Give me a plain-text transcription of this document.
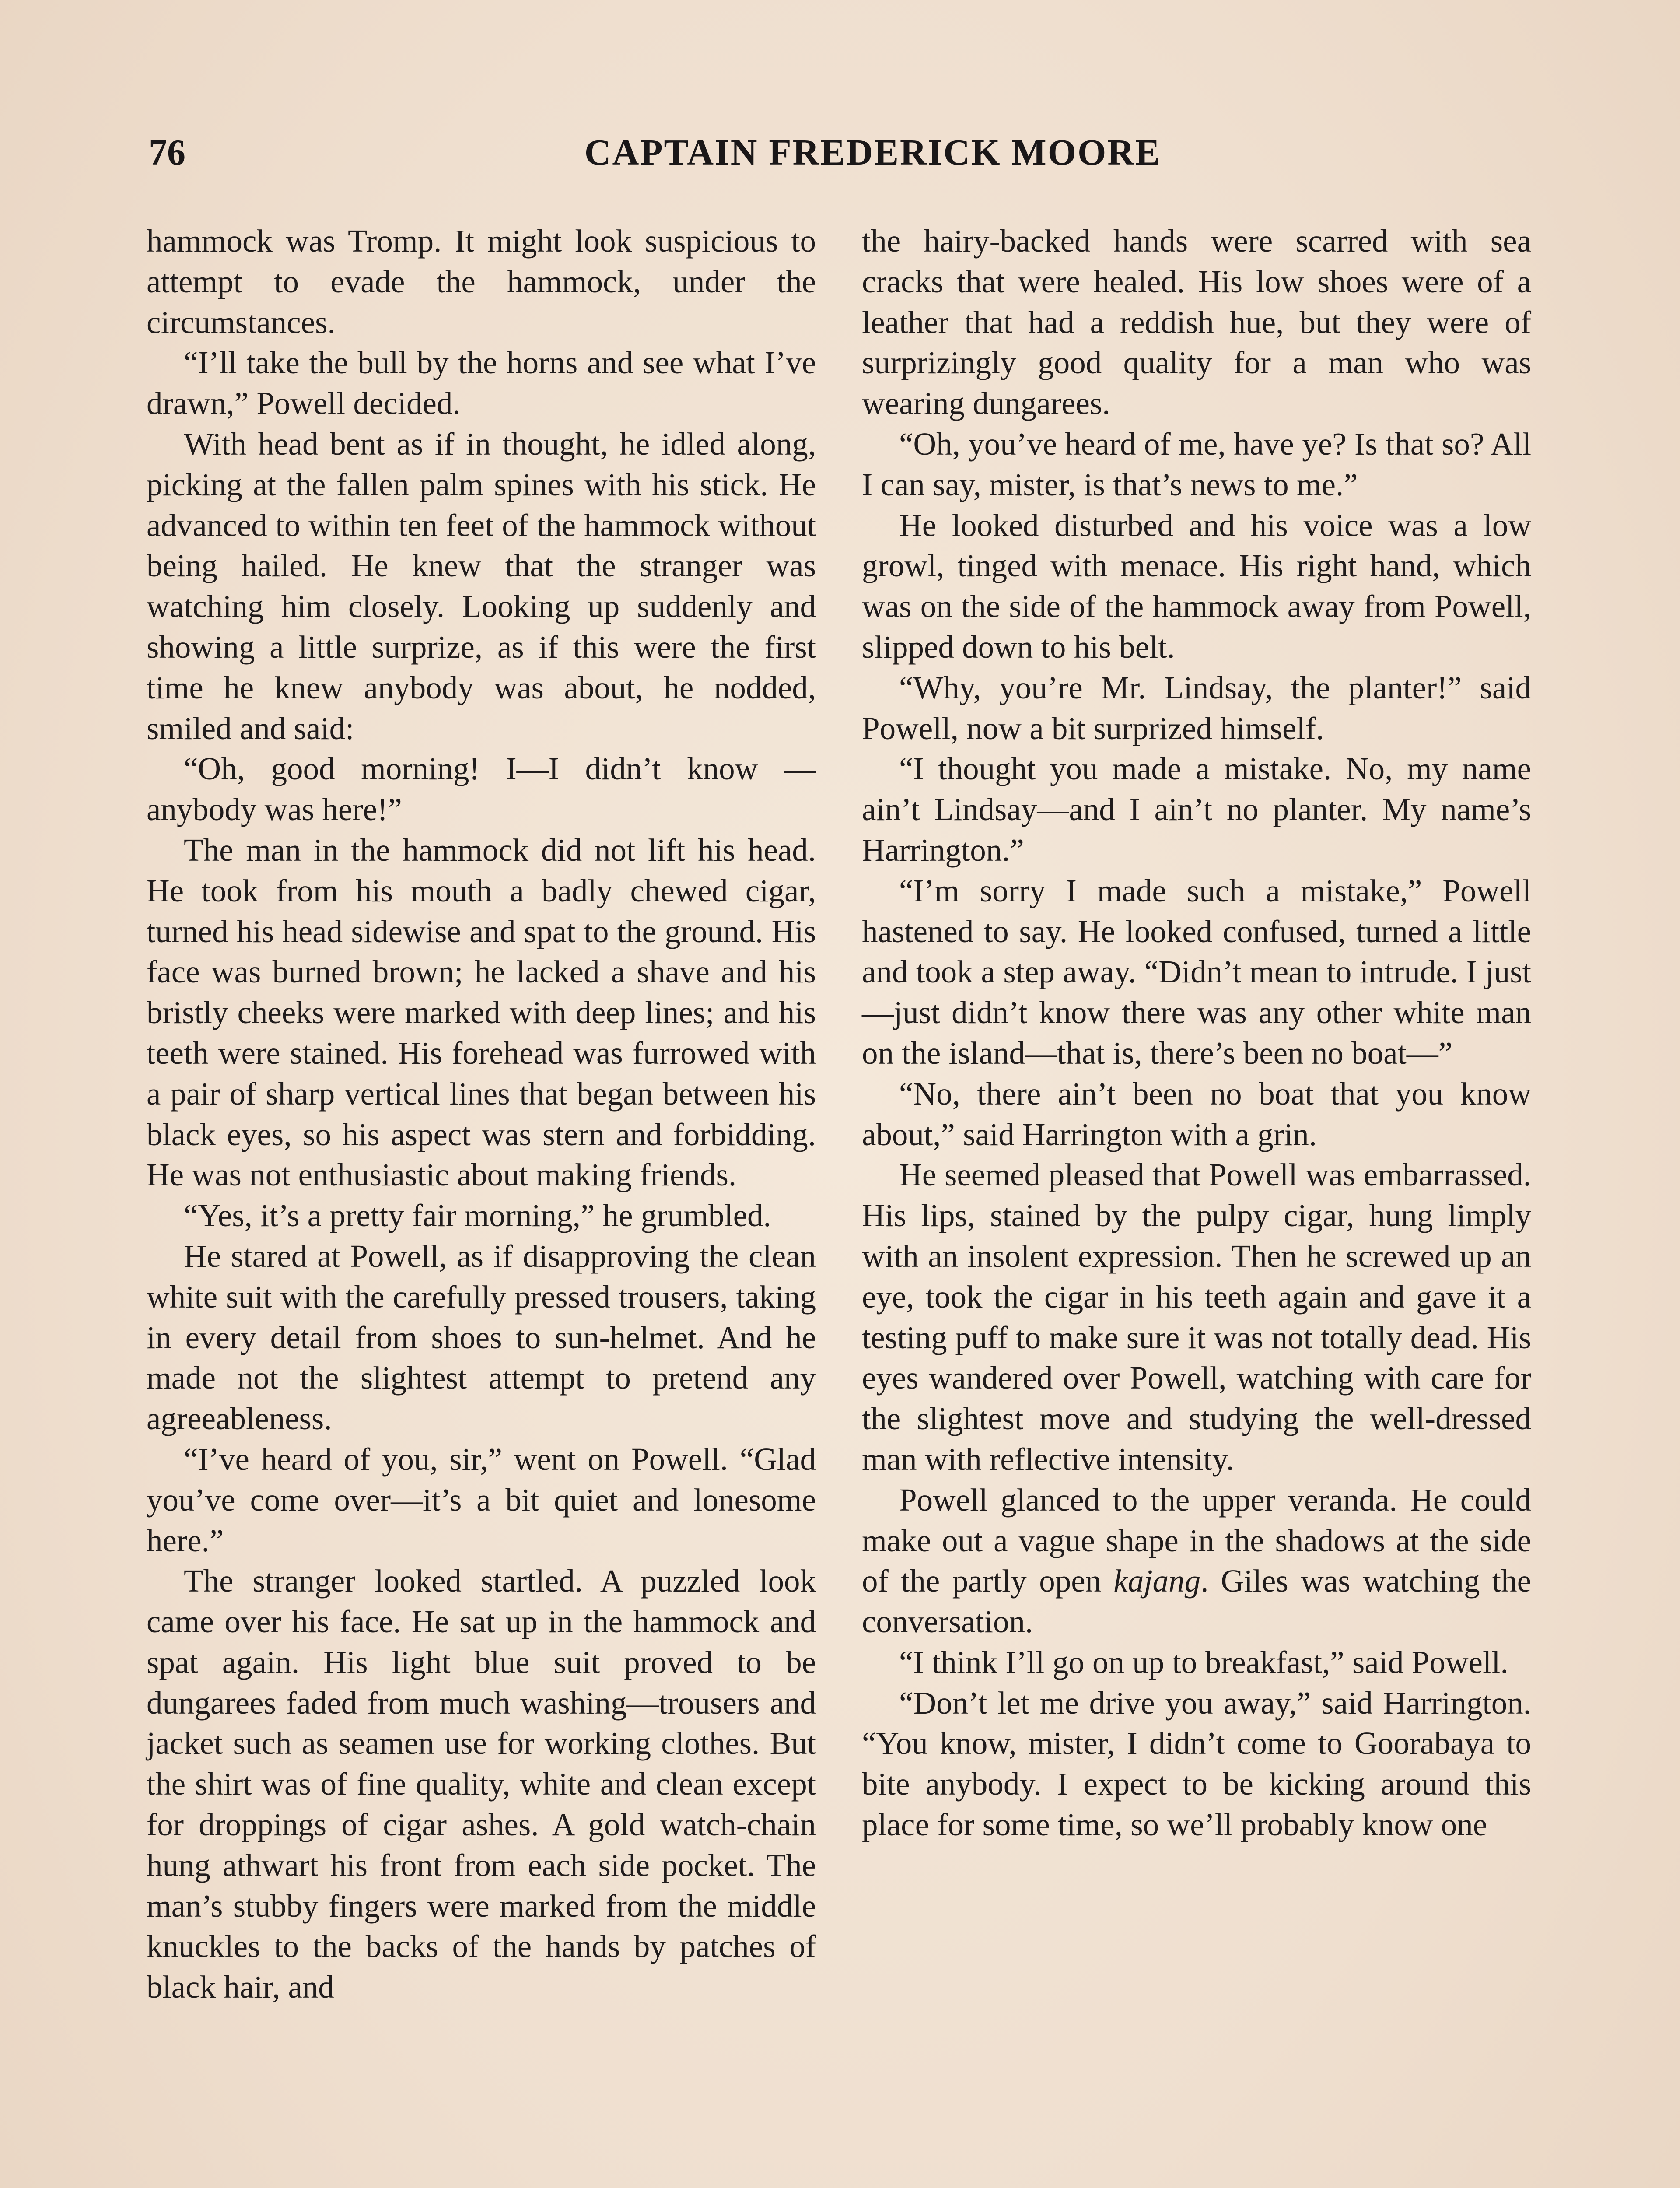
76	CAPTAIN FREDERICK MOORE

hammock was Tromp. It might look suspicious to attempt to evade the hammock, under the circumstances.

“I’ll take the bull by the horns and see what I’ve drawn,” Powell decided.

With head bent as if in thought, he idled along, picking at the fallen palm spines with his stick. He advanced to within ten feet of the hammock without being hailed. He knew that the stranger was watching him closely. Looking up suddenly and showing a little surprize, as if this were the first time he knew anybody was about, he nodded, smiled and said:

“Oh, good morning! I—I didn’t know —anybody was here!”

The man in the hammock did not lift his head. He took from his mouth a badly chewed cigar, turned his head sidewise and spat to the ground. His face was burned brown; he lacked a shave and his bristly cheeks were marked with deep lines; and his teeth were stained. His forehead was furrowed with a pair of sharp vertical lines that began between his black eyes, so his aspect was stern and forbidding. He was not enthusiastic about making friends.

“Yes, it’s a pretty fair morning,” he grumbled.

He stared at Powell, as if disapproving the clean white suit with the carefully pressed trousers, taking in every detail from shoes to sun-helmet. And he made not the slightest attempt to pretend any agreeableness.

“I’ve heard of you, sir,” went on Powell. “Glad you’ve come over—it’s a bit quiet and lonesome here.”

The stranger looked startled. A puzzled look came over his face. He sat up in the hammock and spat again. His light blue suit proved to be dungarees faded from much washing—trousers and jacket such as seamen use for working clothes. But the shirt was of fine quality, white and clean except for droppings of cigar ashes. A gold watch-chain hung athwart his front from each side pocket. The man’s stubby fingers were marked from the middle knuckles to the backs of the hands by patches of black hair, and

the hairy-backed hands were scarred with sea cracks that were healed. His low shoes were of a leather that had a reddish hue, but they were of surprizingly good quality for a man who was wearing dungarees.

“Oh, you’ve heard of me, have ye? Is that so? All I can say, mister, is that’s news to me.”

He looked disturbed and his voice was a low growl, tinged with menace. His right hand, which was on the side of the hammock away from Powell, slipped down to his belt.

“Why, you’re Mr. Lindsay, the planter!” said Powell, now a bit surprized himself.

“I thought you made a mistake. No, my name ain’t Lindsay—and I ain’t no planter. My name’s Harrington.”

“I’m sorry I made such a mistake,” Powell hastened to say. He looked confused, turned a little and took a step away. “Didn’t mean to intrude. I just —just didn’t know there was any other white man on the island—that is, there’s been no boat—”

“No, there ain’t been no boat that you know about,” said Harrington with a grin.

He seemed pleased that Powell was embarrassed. His lips, stained by the pulpy cigar, hung limply with an insolent expression. Then he screwed up an eye, took the cigar in his teeth again and gave it a testing puff to make sure it was not totally dead. His eyes wandered over Powell, watching with care for the slightest move and studying the well-dressed man with reflective intensity.

Powell glanced to the upper veranda. He could make out a vague shape in the shadows at the side of the partly open kajang. Giles was watching the conversation.

“I think I’ll go on up to breakfast,” said Powell.

“Don’t let me drive you away,” said Harrington. “You know, mister, I didn’t come to Goorabaya to bite anybody. I expect to be kicking around this place for some time, so we’ll probably know one
